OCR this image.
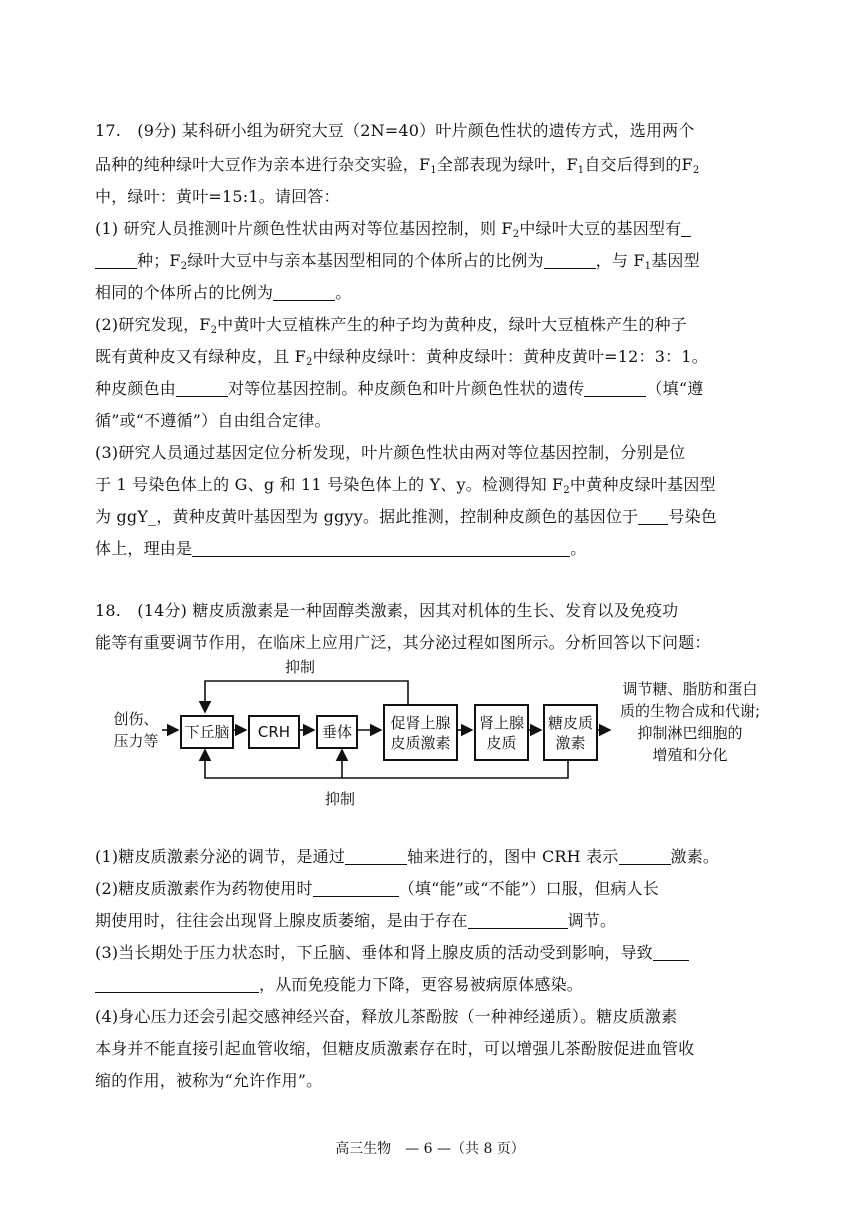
17.　(9分) 某科研小组为研究大豆（2N=40）叶片颜色性状的遗传方式，选用两个
品种的纯种绿叶大豆作为亲本进行杂交实验，$F_1$全部表现为绿叶，$F_1$自交后得到的$F_2$
中，绿叶：黄叶=15:1。请回答：
(1) 研究人员推测叶片颜色性状由两对等位基因控制，则 $F_2$中绿叶大豆的基因型有
种；$F_2$绿叶大豆中与亲本基因型相同的个体所占的比例为	，与 $F_1$基因型
相同的个体所占的比例为	。
(2)研究发现，$F_2$中黄叶大豆植株产生的种子均为黄种皮，绿叶大豆植株产生的种子
既有黄种皮又有绿种皮，且 $F_2$中绿种皮绿叶：黄种皮绿叶：黄种皮黄叶=12：3：1。
种皮颜色由	对等位基因控制。种皮颜色和叶片颜色性状的遗传	（填“遵
循”或“不遵循”）自由组合定律。
(3)研究人员通过基因定位分析发现，叶片颜色性状由两对等位基因控制，分别是位
于 1 号染色体上的 G、g 和 11 号染色体上的 Y、y。检测得知 $F_2$中黄种皮绿叶基因型
为 ggY_，黄种皮黄叶基因型为 ggyy。据此推测，控制种皮颜色的基因位于 号染色
体上，理由是	。
18.　(14分) 糖皮质激素是一种固醇类激素，因其对机体的生长、发育以及免疫功
能等有重要调节作用，在临床上应用广泛，其分泌过程如图所示。分析回答以下问题：
创伤、
压力等 下丘脑 CRH 垂体
促肾上腺
皮质激素
肾上腺
皮质
糖皮质
激素
抑制
抑制
调节糖、脂肪和蛋白
质的生物合成和代谢;
抑制淋巴细胞的
增殖和分化
(1)糖皮质激素分泌的调节，是通过	轴来进行的，图中 CRH 表示	激素。
(2)糖皮质激素作为药物使用时	（填“能”或“不能”）口服，但病人长
期使用时，往往会出现肾上腺皮质萎缩，是由于存在	调节。
(3)当长期处于压力状态时，下丘脑、垂体和肾上腺皮质的活动受到影响，导致
，从而免疫能力下降，更容易被病原体感染。
(4)身心压力还会引起交感神经兴奋，释放儿茶酚胺（一种神经递质）。糖皮质激素
本身并不能直接引起血管收缩，但糖皮质激素存在时，可以增强儿茶酚胺促进血管收
缩的作用，被称为“允许作用”。
高三生物　— 6 —（共 8 页）
